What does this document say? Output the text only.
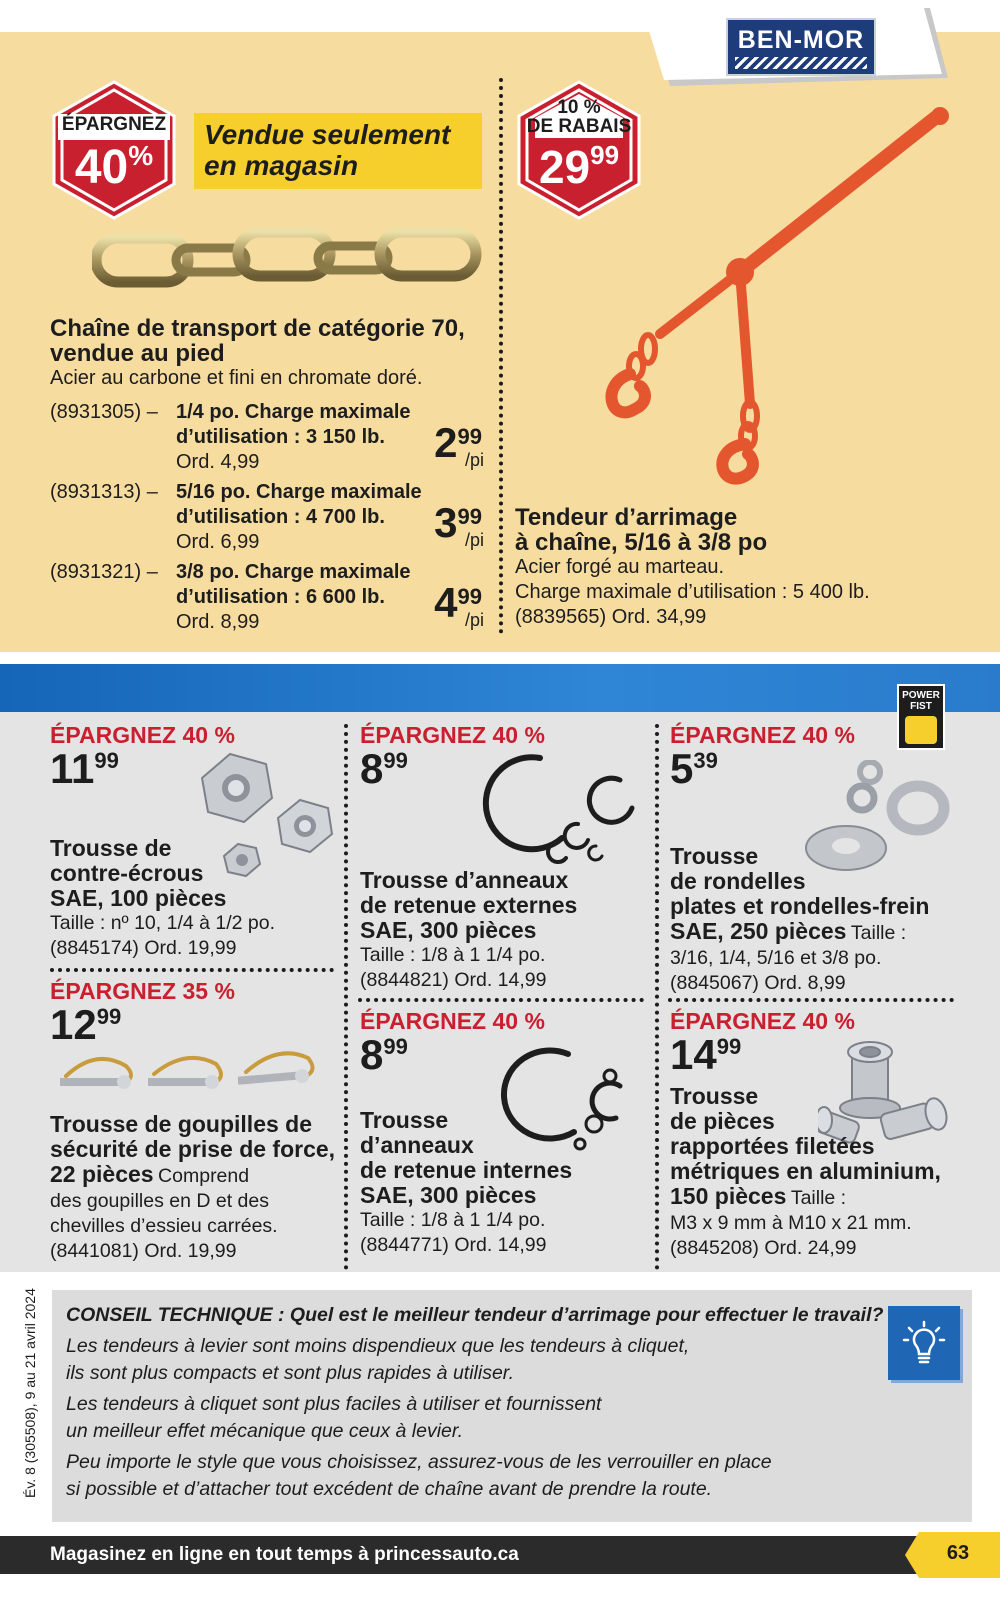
BEN-MOR
ÉPARGNEZ
40%
Vendue seulement
en magasin
Chaîne de transport de catégorie 70,
vendue au pied
Acier au carbone et fini en chromate doré.
(8931305) – 1/4 po. Charge maximale
d’utilisation : 3 150 lb.
Ord. 4,99	299
/pi
(8931313) – 5/16 po. Charge maximale
d’utilisation : 4 700 lb.
Ord. 6,99	399
/pi
(8931321) – 3/8 po. Charge maximale
d’utilisation : 6 600 lb.
Ord. 8,99	499
/pi
10 %
DE RABAIS
$29^{99}$
Tendeur d’arrimage
à chaîne, 5/16 à 3/8 po
Acier forgé au marteau.
Charge maximale d’utilisation : 5 400 lb.
(8839565) Ord. 34,99
POWER
FIST
ÉPARGNEZ 40 %
1199
Trousse de
contre-écrous
SAE, 100 pièces
Taille : nº 10, 1/4 à 1/2 po.
(8845174) Ord. 19,99
ÉPARGNEZ 40 %
899
Trousse d’anneaux
de retenue externes
SAE, 300 pièces
Taille : 1/8 à 1 1/4 po.
(8844821) Ord. 14,99
ÉPARGNEZ 40 %
539
Trousse
de rondelles
plates et rondelles-frein
SAE, 250 pièces Taille :
3/16, 1/4, 5/16 et 3/8 po.
(8845067) Ord. 8,99
ÉPARGNEZ 35 %
1299
Trousse de goupilles de
sécurité de prise de force,
22 pièces Comprend
des goupilles en D et des
chevilles d’essieu carrées.
(8441081) Ord. 19,99
ÉPARGNEZ 40 %
899
Trousse
d’anneaux
de retenue internes
SAE, 300 pièces
Taille : 1/8 à 1 1/4 po.
(8844771) Ord. 14,99
ÉPARGNEZ 40 %
1499
Trousse
de pièces
rapportées filetées
métriques en aluminium,
150 pièces Taille :
M3 x 9 mm à M10 x 21 mm.
(8845208) Ord. 24,99
Év. 8 (305508), 9 au 21 avril 2024 CONSEIL TECHNIQUE : Quel est le meilleur tendeur d’arrimage pour effectuer le travail?

Les tendeurs à levier sont moins dispendieux que les tendeurs à cliquet,

ils sont plus compacts et sont plus rapides à utiliser.

Les tendeurs à cliquet sont plus faciles à utiliser et fournissent

un meilleur effet mécanique que ceux à levier.

Peu importe le style que vous choisissez, assurez-vous de les verrouiller en place

si possible et d’attacher tout excédent de chaîne avant de prendre la route.

Magasinez en ligne en tout temps à princessauto.ca	63
